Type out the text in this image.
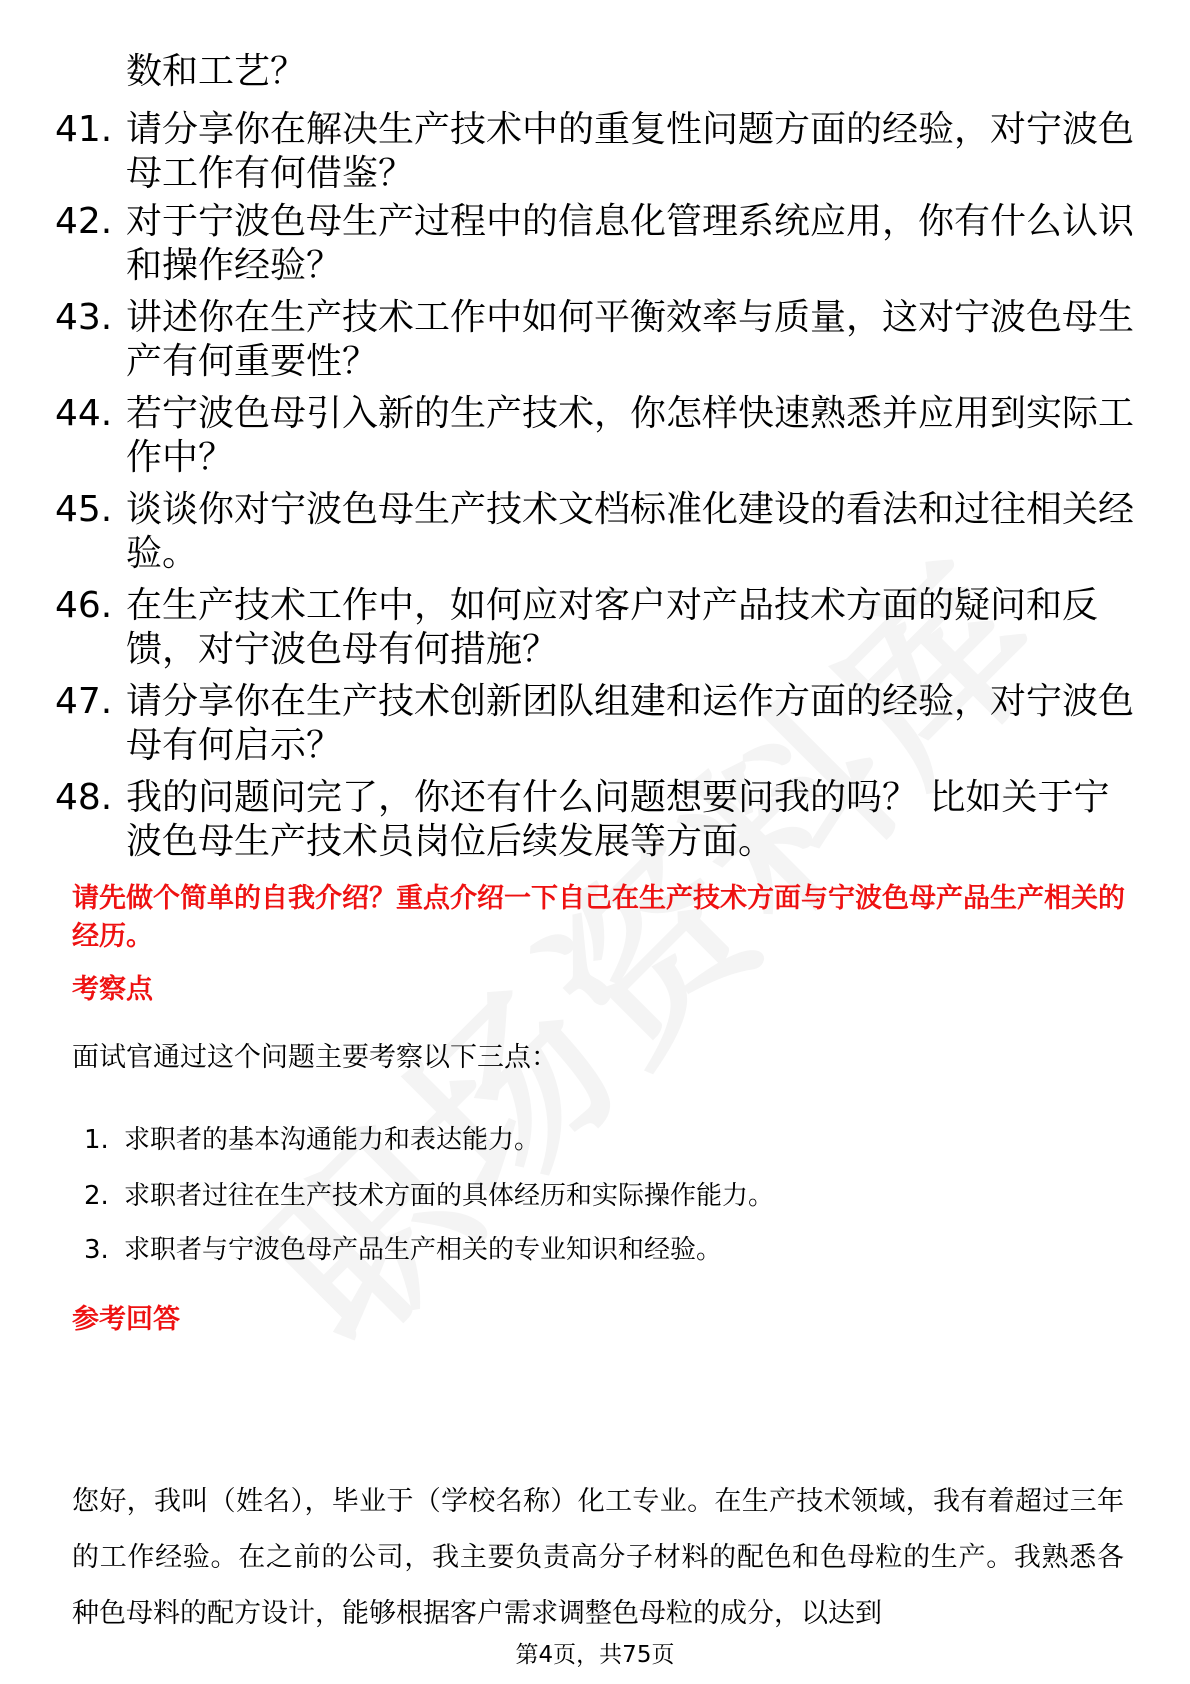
数和工艺？
41. 请分享你在解决生产技术中的重复性问题方面的经验，对宁波色母工作有何借鉴？
42. 对于宁波色母生产过程中的信息化管理系统应用，你有什么认识和操作经验？
43. 讲述你在生产技术工作中如何平衡效率与质量，这对宁波色母生产有何重要性？
44. 若宁波色母引入新的生产技术，你怎样快速熟悉并应用到实际工作中？
45. 谈谈你对宁波色母生产技术文档标准化建设的看法和过往相关经验。
46. 在生产技术工作中，如何应对客户对产品技术方面的疑问和反馈，对宁波色母有何措施？
47. 请分享你在生产技术创新团队组建和运作方面的经验，对宁波色母有何启示？
48. 我的问题问完了，你还有什么问题想要问我的吗？ 比如关于宁波色母生产技术员岗位后续发展等方面。
请先做个简单的自我介绍？重点介绍一下自己在生产技术方面与宁波色母产品生产相关的经历。
考察点
面试官通过这个问题主要考察以下三点：
1. 求职者的基本沟通能力和表达能力。
2. 求职者过往在生产技术方面的具体经历和实际操作能力。
3. 求职者与宁波色母产品生产相关的专业知识和经验。
参考回答
您好，我叫（姓名），毕业于（学校名称）化工专业。在生产技术领域，我有着超过三年的工作经验。在之前的公司，我主要负责高分子材料的配色和色母粒的生产。我熟悉各种色母料的配方设计，能够根据客户需求调整色母粒的成分，以达到
第4页，共75页
